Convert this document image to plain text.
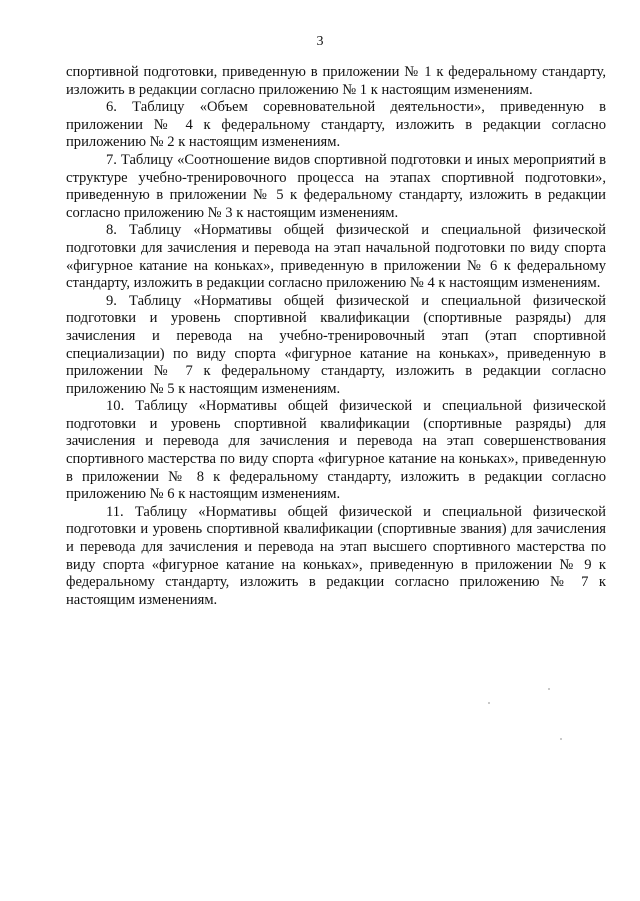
3

спортивной подготовки, приведенную в приложении № 1 к федеральному стандарту, изложить в редакции согласно приложению № 1 к настоящим изменениям.

6. Таблицу «Объем соревновательной деятельности», приведенную в приложении № 4 к федеральному стандарту, изложить в редакции согласно приложению № 2 к настоящим изменениям.

7. Таблицу «Соотношение видов спортивной подготовки и иных мероприятий в структуре учебно-тренировочного процесса на этапах спортивной подготовки», приведенную в приложении № 5 к федеральному стандарту, изложить в редакции согласно приложению № 3 к настоящим изменениям.

8. Таблицу «Нормативы общей физической и специальной физической подготовки для зачисления и перевода на этап начальной подготовки по виду спорта «фигурное катание на коньках», приведенную в приложении № 6 к федеральному стандарту, изложить в редакции согласно приложению № 4 к настоящим изменениям.

9. Таблицу «Нормативы общей физической и специальной физической подготовки и уровень спортивной квалификации (спортивные разряды) для зачисления и перевода на учебно-тренировочный этап (этап спортивной специализации) по виду спорта «фигурное катание на коньках», приведенную в приложении № 7 к федеральному стандарту, изложить в редакции согласно приложению № 5 к настоящим изменениям.

10. Таблицу «Нормативы общей физической и специальной физической подготовки и уровень спортивной квалификации (спортивные разряды) для зачисления и перевода для зачисления и перевода на этап совершенствования спортивного мастерства по виду спорта «фигурное катание на коньках», приведенную в приложении № 8 к федеральному стандарту, изложить в редакции согласно приложению № 6 к настоящим изменениям.

11. Таблицу «Нормативы общей физической и специальной физической подготовки и уровень спортивной квалификации (спортивные звания) для зачисления и перевода для зачисления и перевода на этап высшего спортивного мастерства по виду спорта «фигурное катание на коньках», приведенную в приложении № 9 к федеральному стандарту, изложить в редакции согласно приложению № 7 к настоящим изменениям.
